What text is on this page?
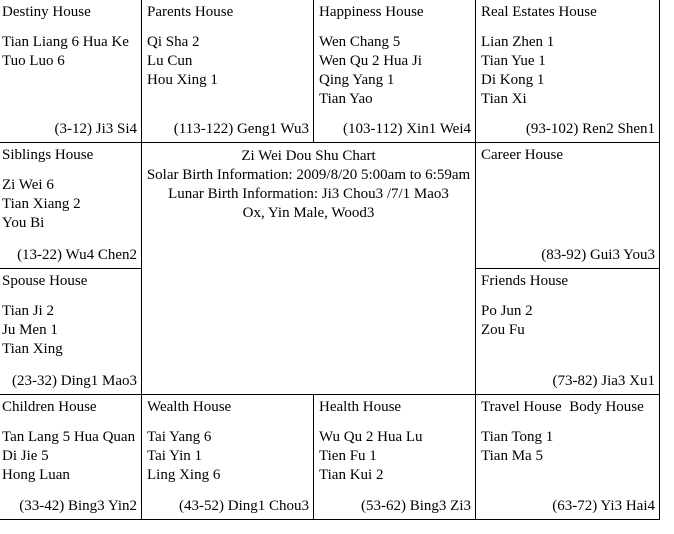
Destiny House
Tian Liang 6 Hua Ke
Tuo Luo 6
(3-12) Ji3 Si4
Parents House
Qi Sha 2
Lu Cun
Hou Xing 1
(113-122) Geng1 Wu3
Happiness House
Wen Chang 5
Wen Qu 2 Hua Ji
Qing Yang 1
Tian Yao
(103-112) Xin1 Wei4
Real Estates House
Lian Zhen 1
Tian Yue 1
Di Kong 1
Tian Xi
(93-102) Ren2 Shen1
Siblings House
Zi Wei 6
Tian Xiang 2
You Bi
(13-22) Wu4 Chen2
Career House
(83-92) Gui3 You3
Zi Wei Dou Shu Chart
Solar Birth Information: 2009/8/20 5:00am to 6:59am
Lunar Birth Information: Ji3 Chou3 /7/1 Mao3
Ox, Yin Male, Wood3
Spouse House
Tian Ji 2
Ju Men 1
Tian Xing
(23-32) Ding1 Mao3
Friends House
Po Jun 2
Zou Fu
(73-82) Jia3 Xu1
Children House
Tan Lang 5 Hua Quan
Di Jie 5
Hong Luan
(33-42) Bing3 Yin2
Wealth House
Tai Yang 6
Tai Yin 1
Ling Xing 6
(43-52) Ding1 Chou3
Health House
Wu Qu 2 Hua Lu
Tien Fu 1
Tian Kui 2
(53-62) Bing3 Zi3
Travel House  Body House
Tian Tong 1
Tian Ma 5
(63-72) Yi3 Hai4
